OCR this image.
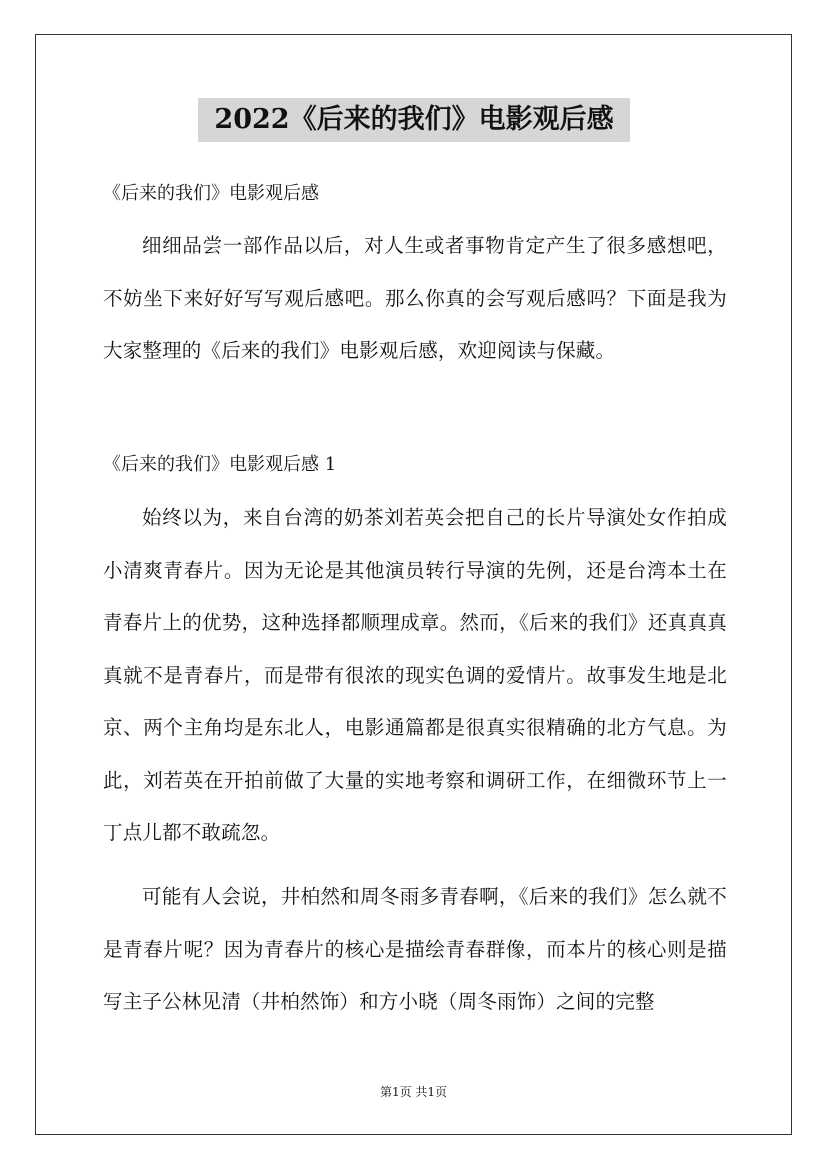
2022《后来的我们》电影观后感
《后来的我们》电影观后感

细细品尝一部作品以后，对人生或者事物肯定产生了很多感想吧，不妨坐下来好好写写观后感吧。那么你真的会写观后感吗？下面是我为大家整理的《后来的我们》电影观后感，欢迎阅读与保藏。

《后来的我们》电影观后感 1

始终以为，来自台湾的奶茶刘若英会把自己的长片导演处女作拍成小清爽青春片。因为无论是其他演员转行导演的先例，还是台湾本土在青春片上的优势，这种选择都顺理成章。然而，《后来的我们》还真真真真就不是青春片，而是带有很浓的现实色调的爱情片。故事发生地是北京、两个主角均是东北人，电影通篇都是很真实很精确的北方气息。为此，刘若英在开拍前做了大量的实地考察和调研工作，在细微环节上一丁点儿都不敢疏忽。

可能有人会说，井柏然和周冬雨多青春啊，《后来的我们》怎么就不是青春片呢？因为青春片的核心是描绘青春群像，而本片的核心则是描写主子公林见清（井柏然饰）和方小晓（周冬雨饰）之间的完整

第1页 共1页
